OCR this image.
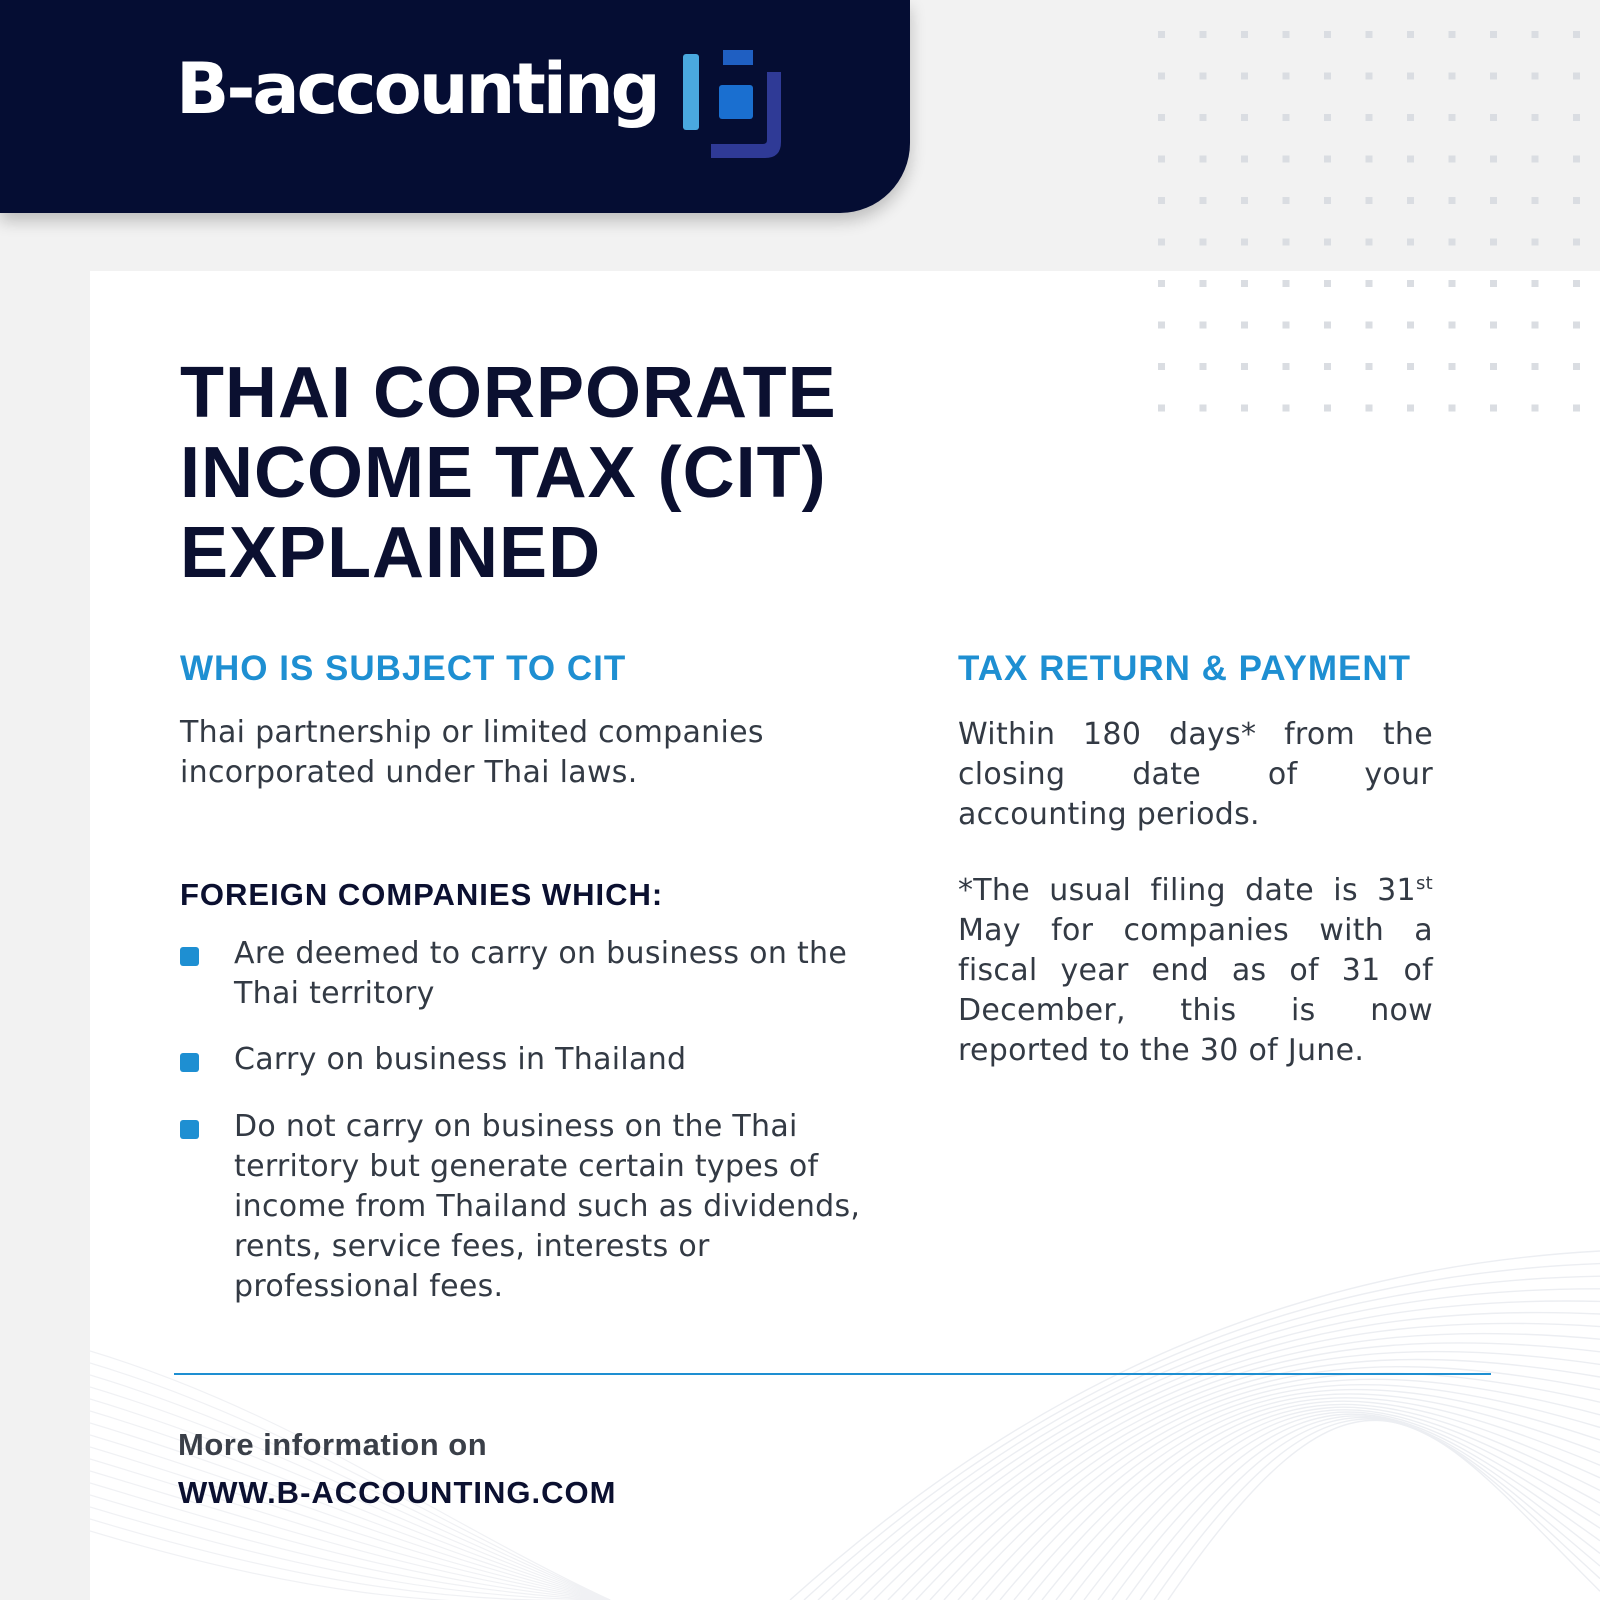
B-accounting
THAI CORPORATE
INCOME TAX (CIT)
EXPLAINED
WHO IS SUBJECT TO CIT

Thai partnership or limited companies incorporated under Thai laws.

FOREIGN COMPANIES WHICH:
Are deemed to carry on business on the Thai territory
Carry on business in Thailand
Do not carry on business on the Thai territory but generate certain types of income from Thailand such as dividends, rents, service fees, interests or professional fees.
TAX RETURN & PAYMENT

Within 180 days* from the closing date of your accounting periods.

*The usual filing date is 31st May for companies with a fiscal year end as of 31 of December, this is now reported to the 30 of June.

More information on
WWW.B-ACCOUNTING.COM
